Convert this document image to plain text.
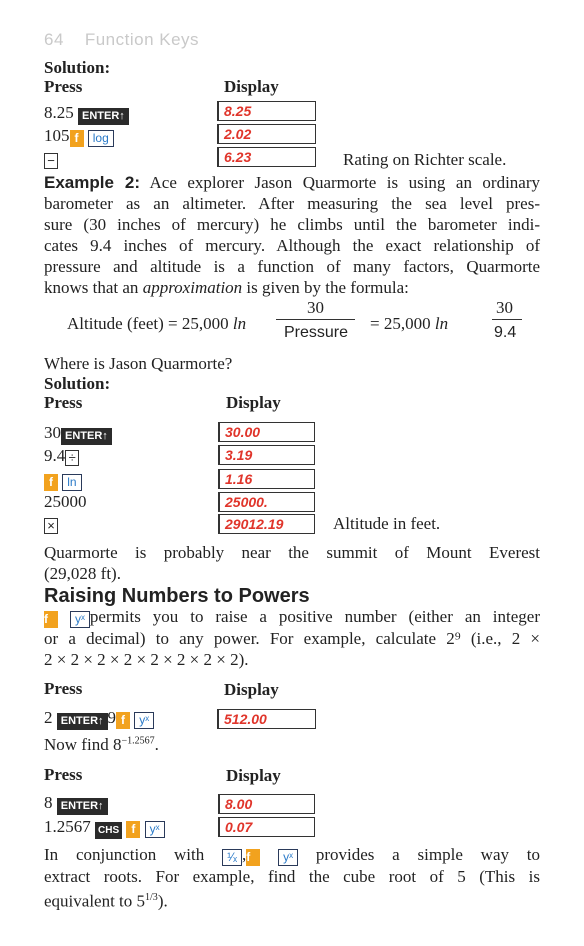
64 Function Keys
Solution:
Press	Display
8.25 ENTER↑	8.25
105 f log	2.02
−	6.23	Rating on Richter scale.
Example 2: Ace explorer Jason Quarmorte is using an ordinary
barometer as an altimeter. After measuring the sea level pres-
sure (30 inches of mercury) he climbs until the barometer indi-
cates 9.4 inches of mercury. Although the exact relationship of
pressure and altitude is a function of many factors, Quarmorte
knows that an approximation is given by the formula:
Altitude (feet) = 25,000 ln
30
Pressure = 25,000 ln
30
9.4
Where is Jason Quarmorte?
Solution:
Press	Display
30 ENTER↑	30.00
9.4 ÷	3.19
f ln	1.16
25000	25000.
×	29012.19	Altitude in feet.
Quarmorte is probably near the summit of Mount Everest
(29,028 ft).
Raising Numbers to Powers
f yˣ permits you to raise a positive number (either an integer
or a decimal) to any power. For example, calculate 2⁹ (i.e., 2 ×
2 × 2 × 2 × 2 × 2 × 2 × 2 × 2).
Press	Display
2 ENTER↑ 9 f yˣ	512.00
Now find $8^{-1.2567}$.
Press	Display
8 ENTER↑	8.00
1.2567 CHS f yˣ	0.07
In conjunction with ¹⁄ₓ ,f	yˣ provides a simple way to
extract roots. For example, find the cube root of 5 (This is
equivalent to $5^{1/3}$).
